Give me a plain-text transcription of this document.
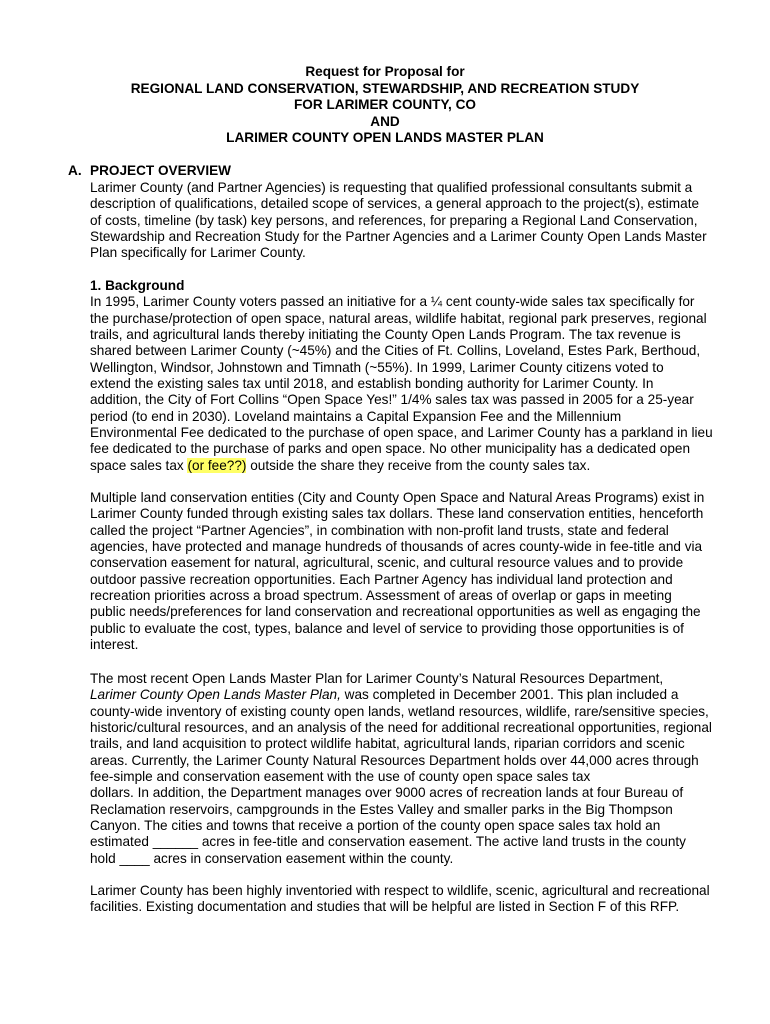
Request for Proposal for
REGIONAL LAND CONSERVATION, STEWARDSHIP, AND RECREATION STUDY
FOR LARIMER COUNTY, CO
AND
LARIMER COUNTY OPEN LANDS MASTER PLAN
A. PROJECT OVERVIEW
Larimer County (and Partner Agencies) is requesting that qualified professional consultants submit a
description of qualifications, detailed scope of services, a general approach to the project(s), estimate
of costs, timeline (by task) key persons, and references, for preparing a Regional Land Conservation,
Stewardship and Recreation Study for the Partner Agencies and a Larimer County Open Lands Master
Plan specifically for Larimer County.
1. Background
In 1995, Larimer County voters passed an initiative for a ¼ cent county-wide sales tax specifically for
the purchase/protection of open space, natural areas, wildlife habitat, regional park preserves, regional
trails, and agricultural lands thereby initiating the County Open Lands Program. The tax revenue is
shared between Larimer County (~45%) and the Cities of Ft. Collins, Loveland, Estes Park, Berthoud,
Wellington, Windsor, Johnstown and Timnath (~55%). In 1999, Larimer County citizens voted to
extend the existing sales tax until 2018, and establish bonding authority for Larimer County. In
addition, the City of Fort Collins “Open Space Yes!” 1/4% sales tax was passed in 2005 for a 25-year
period (to end in 2030). Loveland maintains a Capital Expansion Fee and the Millennium
Environmental Fee dedicated to the purchase of open space, and Larimer County has a parkland in lieu
fee dedicated to the purchase of parks and open space. No other municipality has a dedicated open
space sales tax (or fee??) outside the share they receive from the county sales tax.
Multiple land conservation entities (City and County Open Space and Natural Areas Programs) exist in
Larimer County funded through existing sales tax dollars. These land conservation entities, henceforth
called the project “Partner Agencies”, in combination with non-profit land trusts, state and federal
agencies, have protected and manage hundreds of thousands of acres county-wide in fee-title and via
conservation easement for natural, agricultural, scenic, and cultural resource values and to provide
outdoor passive recreation opportunities. Each Partner Agency has individual land protection and
recreation priorities across a broad spectrum. Assessment of areas of overlap or gaps in meeting
public needs/preferences for land conservation and recreational opportunities as well as engaging the
public to evaluate the cost, types, balance and level of service to providing those opportunities is of
interest.
The most recent Open Lands Master Plan for Larimer County’s Natural Resources Department,
Larimer County Open Lands Master Plan, was completed in December 2001. This plan included a
county-wide inventory of existing county open lands, wetland resources, wildlife, rare/sensitive species,
historic/cultural resources, and an analysis of the need for additional recreational opportunities, regional
trails, and land acquisition to protect wildlife habitat, agricultural lands, riparian corridors and scenic
areas. Currently, the Larimer County Natural Resources Department holds over 44,000 acres through
fee-simple and conservation easement with the use of county open space sales tax
dollars. In addition, the Department manages over 9000 acres of recreation lands at four Bureau of
Reclamation reservoirs, campgrounds in the Estes Valley and smaller parks in the Big Thompson
Canyon. The cities and towns that receive a portion of the county open space sales tax hold an
estimated ______ acres in fee-title and conservation easement. The active land trusts in the county
hold ____ acres in conservation easement within the county.
Larimer County has been highly inventoried with respect to wildlife, scenic, agricultural and recreational
facilities. Existing documentation and studies that will be helpful are listed in Section F of this RFP.
